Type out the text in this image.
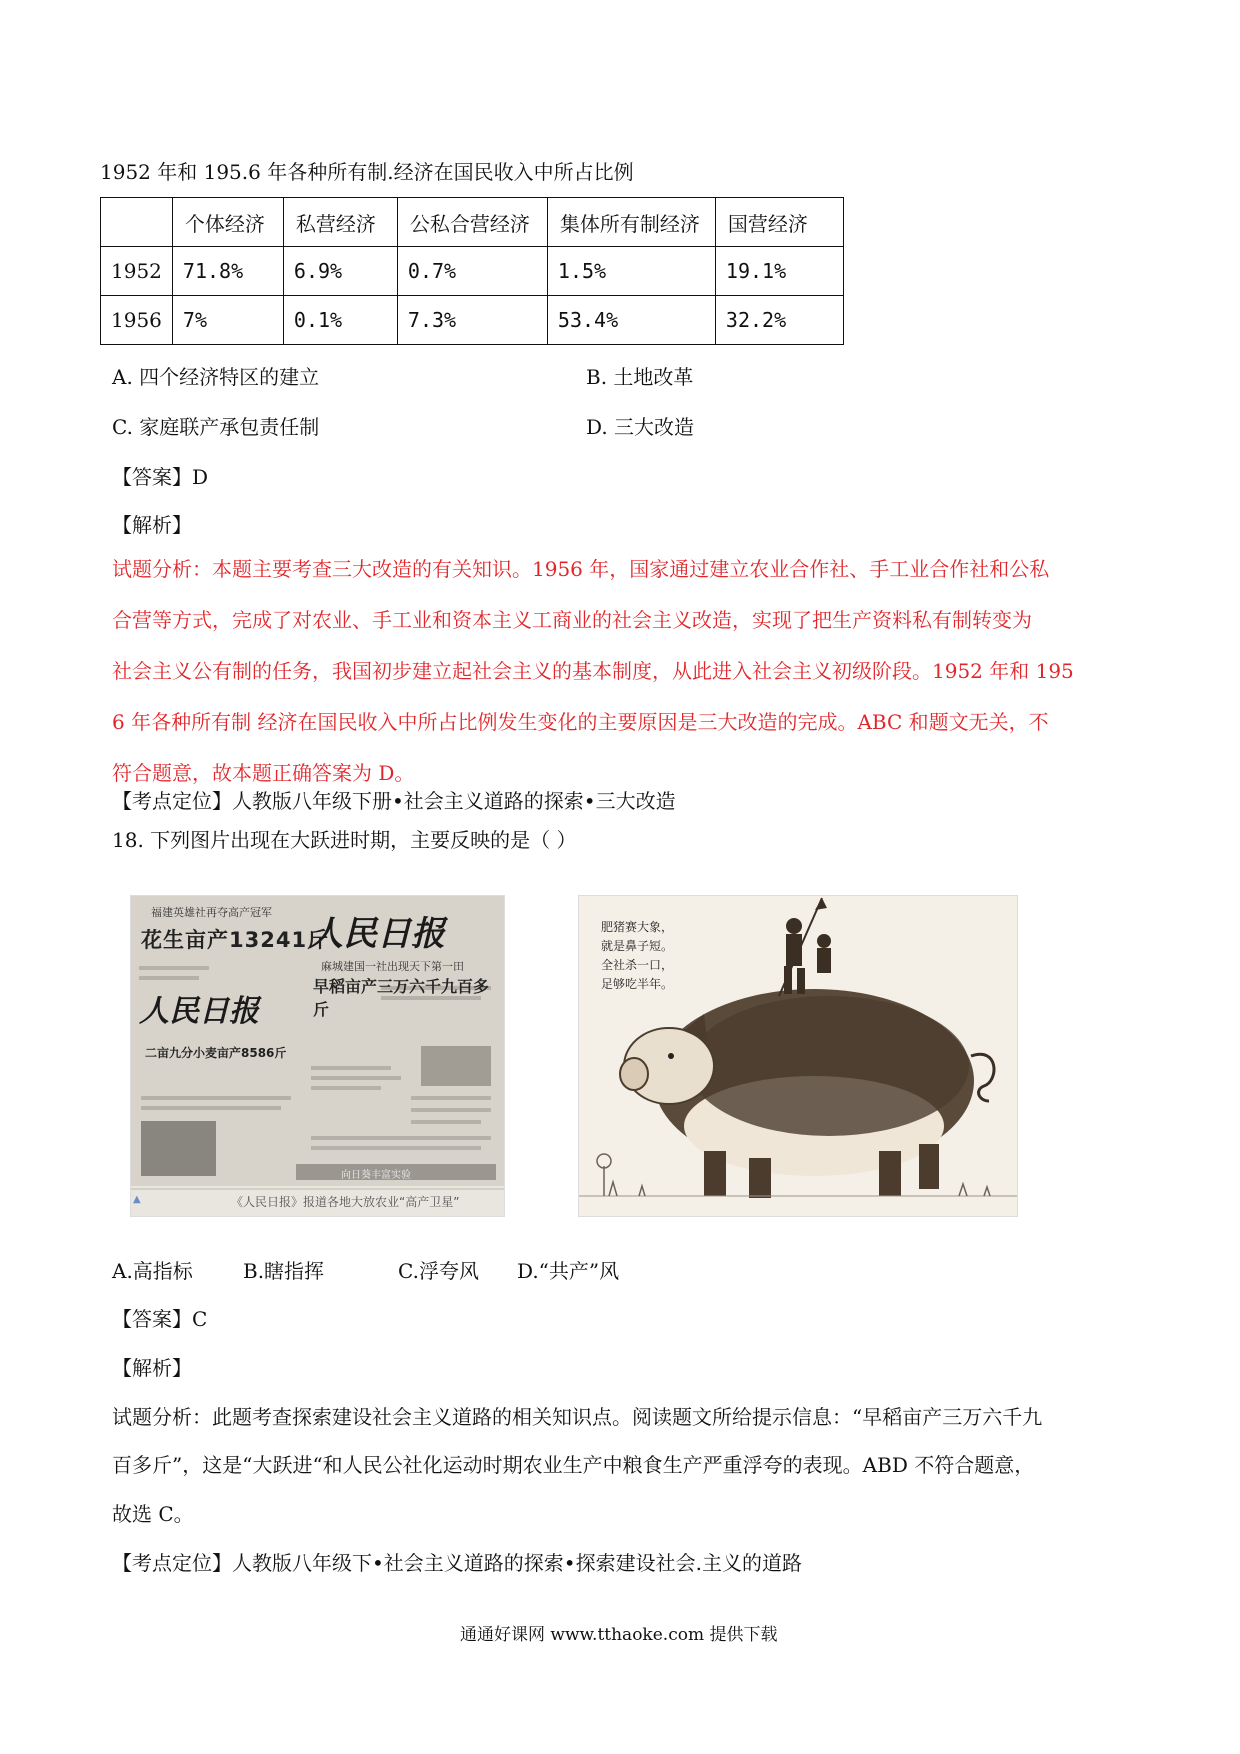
1952 年和 195.6 年各种所有制.经济在国民收入中所占比例
	个体经济	私营经济	公私合营经济	集体所有制经济	国营经济
1952	71.8%	6.9%	0.7%	1.5%	19.1%
1956	7%	0.1%	7.3%	53.4%	32.2%
A. 四个经济特区的建立	B. 土地改革
C. 家庭联产承包责任制	D. 三大改造
【答案】D
【解析】
试题分析：本题主要考查三大改造的有关知识。1956 年，国家通过建立农业合作社、手工业合作社和公私
合营等方式，完成了对农业、手工业和资本主义工商业的社会主义改造，实现了把生产资料私有制转变为
社会主义公有制的任务，我国初步建立起社会主义的基本制度，从此进入社会主义初级阶段。1952 年和 195
6 年各种所有制 经济在国民收入中所占比例发生变化的主要原因是三大改造的完成。ABC 和题文无关，不
符合题意，故本题正确答案为 D。
【考点定位】人教版八年级下册•社会主义道路的探索•三大改造
18. 下列图片出现在大跃进时期，主要反映的是（ ）
福建英雄社再夺高产冠军
花生亩产13241斤
人民日报
人民日报
麻城建国一社出现天下第一田
早稻亩产三万六千九百多斤
二亩九分小麦亩产8586斤
向日葵丰富实验
《人民日报》报道各地大放农业“高产卫星”
▲
肥猪赛大象，
就是鼻子短。
全社杀一口，
足够吃半年。
A.高指标	B.瞎指挥	C.浮夸风 D.“共产”风
【答案】C
【解析】
试题分析：此题考查探索建设社会主义道路的相关知识点。阅读题文所给提示信息：“早稻亩产三万六千九
百多斤”，这是“大跃进“和人民公社化运动时期农业生产中粮食生产严重浮夸的表现。ABD 不符合题意，
故选 C。
【考点定位】人教版八年级下•社会主义道路的探索•探索建设社会.主义的道路
通通好课网 www.tthaoke.com 提供下载
